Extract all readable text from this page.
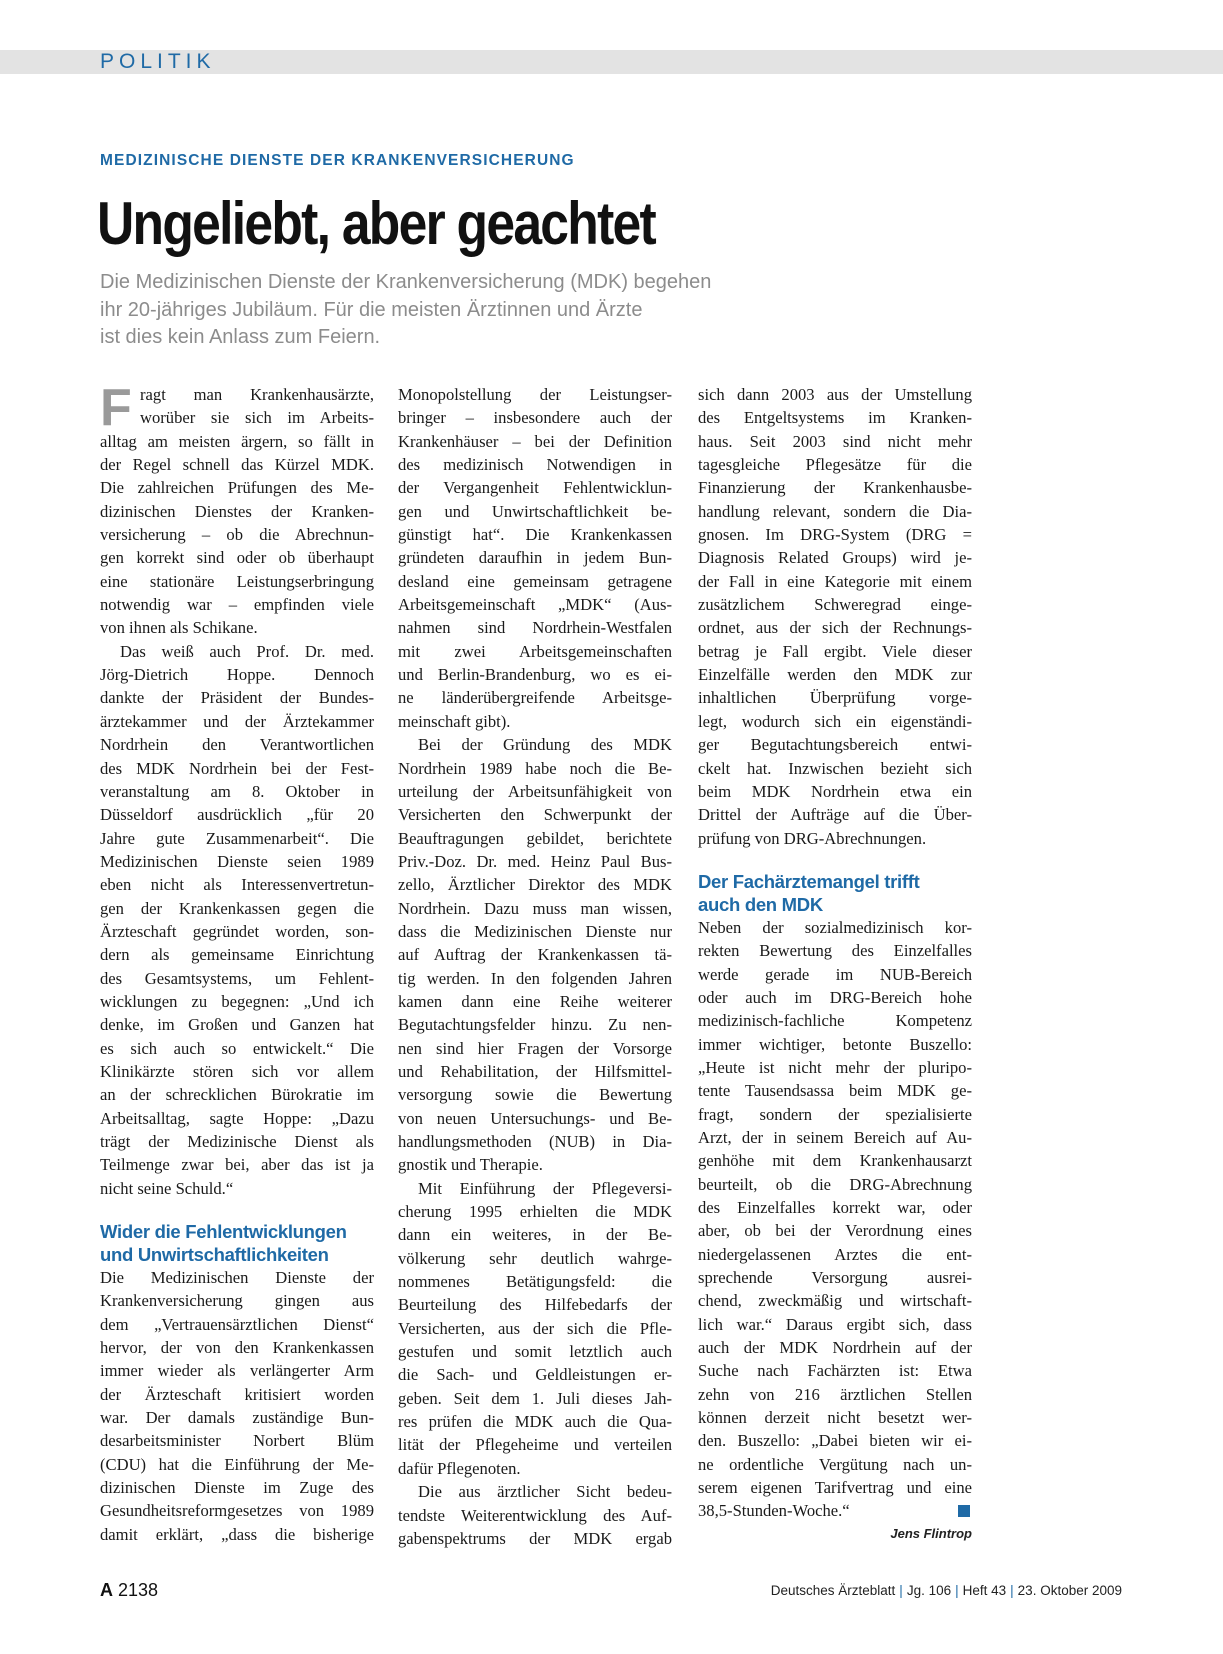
POLITIK
MEDIZINISCHE DIENSTE DER KRANKENVERSICHERUNG
Ungeliebt, aber geachtet
Die Medizinischen Dienste der Krankenversicherung (MDK) begehen
ihr 20-jähriges Jubiläum. Für die meisten Ärztinnen und Ärzte
ist dies kein Anlass zum Feiern.
F ragt man Krankenhausärzte,
worüber sie sich im Arbeits-
alltag am meisten ärgern, so fällt in
der Regel schnell das Kürzel MDK.
Die zahlreichen Prüfungen des Me-
dizinischen Dienstes der Kranken-
versicherung – ob die Abrechnun-
gen korrekt sind oder ob überhaupt
eine stationäre Leistungserbringung
notwendig war – empfinden viele
von ihnen als Schikane.
Das weiß auch Prof. Dr. med.
Jörg-Dietrich Hoppe. Dennoch
dankte der Präsident der Bundes-
ärztekammer und der Ärztekammer
Nordrhein den Verantwortlichen
des MDK Nordrhein bei der Fest-
veranstaltung am 8. Oktober in
Düsseldorf ausdrücklich „für 20
Jahre gute Zusammenarbeit“. Die
Medizinischen Dienste seien 1989
eben nicht als Interessenvertretun-
gen der Krankenkassen gegen die
Ärzteschaft gegründet worden, son-
dern als gemeinsame Einrichtung
des Gesamtsystems, um Fehlent-
wicklungen zu begegnen: „Und ich
denke, im Großen und Ganzen hat
es sich auch so entwickelt.“ Die
Klinikärzte stören sich vor allem
an der schrecklichen Bürokratie im
Arbeitsalltag, sagte Hoppe: „Dazu
trägt der Medizinische Dienst als
Teilmenge zwar bei, aber das ist ja
nicht seine Schuld.“
Wider die Fehlentwicklungen
und Unwirtschaftlichkeiten
Die Medizinischen Dienste der
Krankenversicherung gingen aus
dem „Vertrauensärztlichen Dienst“
hervor, der von den Krankenkassen
immer wieder als verlängerter Arm
der Ärzteschaft kritisiert worden
war. Der damals zuständige Bun-
desarbeitsminister Norbert Blüm
(CDU) hat die Einführung der Me-
dizinischen Dienste im Zuge des
Gesundheitsreformgesetzes von 1989
damit erklärt, „dass die bisherige
Monopolstellung der Leistungser-
bringer – insbesondere auch der
Krankenhäuser – bei der Definition
des medizinisch Notwendigen in
der Vergangenheit Fehlentwicklun-
gen und Unwirtschaftlichkeit be-
günstigt hat“. Die Krankenkassen
gründeten daraufhin in jedem Bun-
desland eine gemeinsam getragene
Arbeitsgemeinschaft „MDK“ (Aus-
nahmen sind Nordrhein-Westfalen
mit zwei Arbeitsgemeinschaften
und Berlin-Brandenburg, wo es ei-
ne länderübergreifende Arbeitsge-
meinschaft gibt).
Bei der Gründung des MDK
Nordrhein 1989 habe noch die Be-
urteilung der Arbeitsunfähigkeit von
Versicherten den Schwerpunkt der
Beauftragungen gebildet, berichtete
Priv.-Doz. Dr. med. Heinz Paul Bus-
zello, Ärztlicher Direktor des MDK
Nordrhein. Dazu muss man wissen,
dass die Medizinischen Dienste nur
auf Auftrag der Krankenkassen tä-
tig werden. In den folgenden Jahren
kamen dann eine Reihe weiterer
Begutachtungsfelder hinzu. Zu nen-
nen sind hier Fragen der Vorsorge
und Rehabilitation, der Hilfsmittel-
versorgung sowie die Bewertung
von neuen Untersuchungs- und Be-
handlungsmethoden (NUB) in Dia-
gnostik und Therapie.
Mit Einführung der Pflegeversi-
cherung 1995 erhielten die MDK
dann ein weiteres, in der Be-
völkerung sehr deutlich wahrge-
nommenes Betätigungsfeld: die
Beurteilung des Hilfebedarfs der
Versicherten, aus der sich die Pfle-
gestufen und somit letztlich auch
die Sach- und Geldleistungen er-
geben. Seit dem 1. Juli dieses Jah-
res prüfen die MDK auch die Qua-
lität der Pflegeheime und verteilen
dafür Pflegenoten.
Die aus ärztlicher Sicht bedeu-
tendste Weiterentwicklung des Auf-
gabenspektrums der MDK ergab
sich dann 2003 aus der Umstellung
des Entgeltsystems im Kranken-
haus. Seit 2003 sind nicht mehr
tagesgleiche Pflegesätze für die
Finanzierung der Krankenhausbe-
handlung relevant, sondern die Dia-
gnosen. Im DRG-System (DRG =
Diagnosis Related Groups) wird je-
der Fall in eine Kategorie mit einem
zusätzlichem Schweregrad einge-
ordnet, aus der sich der Rechnungs-
betrag je Fall ergibt. Viele dieser
Einzelfälle werden den MDK zur
inhaltlichen Überprüfung vorge-
legt, wodurch sich ein eigenständi-
ger Begutachtungsbereich entwi-
ckelt hat. Inzwischen bezieht sich
beim MDK Nordrhein etwa ein
Drittel der Aufträge auf die Über-
prüfung von DRG-Abrechnungen.
Der Fachärztemangel trifft
auch den MDK
Neben der sozialmedizinisch kor-
rekten Bewertung des Einzelfalles
werde gerade im NUB-Bereich
oder auch im DRG-Bereich hohe
medizinisch-fachliche Kompetenz
immer wichtiger, betonte Buszello:
„Heute ist nicht mehr der pluripo-
tente Tausendsassa beim MDK ge-
fragt, sondern der spezialisierte
Arzt, der in seinem Bereich auf Au-
genhöhe mit dem Krankenhausarzt
beurteilt, ob die DRG-Abrechnung
des Einzelfalles korrekt war, oder
aber, ob bei der Verordnung eines
niedergelassenen Arztes die ent-
sprechende Versorgung ausrei-
chend, zweckmäßig und wirtschaft-
lich war.“ Daraus ergibt sich, dass
auch der MDK Nordrhein auf der
Suche nach Fachärzten ist: Etwa
zehn von 216 ärztlichen Stellen
können derzeit nicht besetzt wer-
den. Buszello: „Dabei bieten wir ei-
ne ordentliche Vergütung nach un-
serem eigenen Tarifvertrag und eine
38,5-Stunden-Woche.“
Jens Flintrop
A 2138	Deutsches Ärzteblatt | Jg. 106 | Heft 43 | 23. Oktober 2009
